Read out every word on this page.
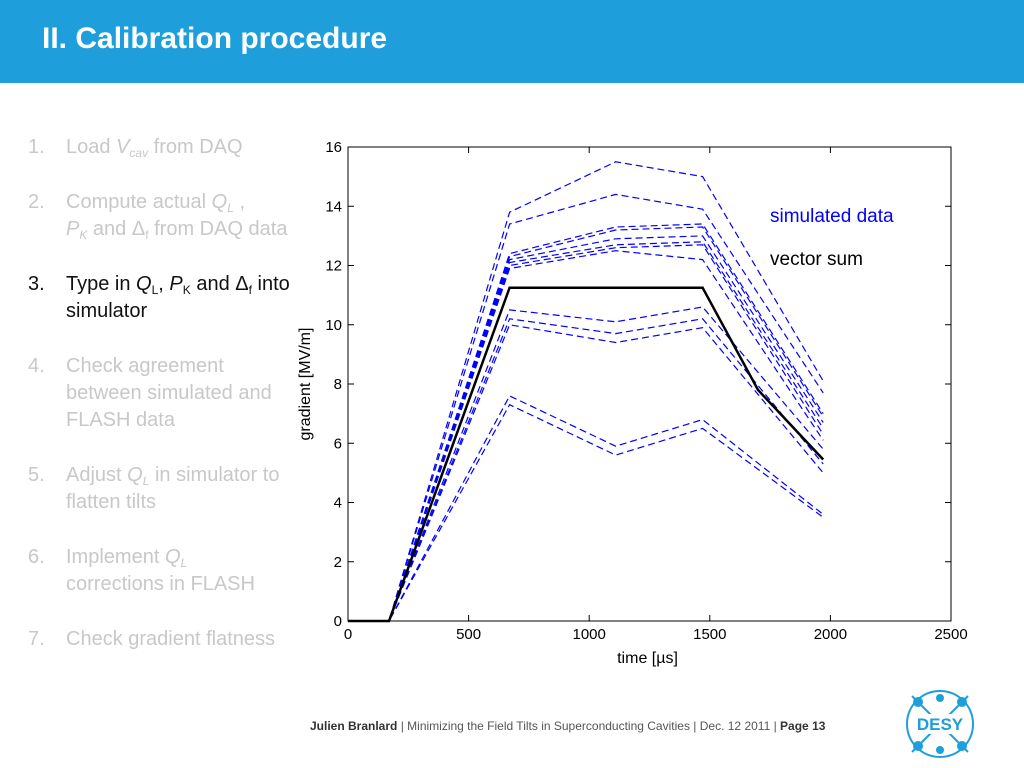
II. Calibration procedure
1.	Load $V_{cav}$ from DAQ
2.	Compute actual $Q_L$ ,
$P_K$ and $\Delta_f$ from DAQ data
3.	Type in $Q_L$, $P_K$ and $\Delta_f$ into simulator
4.	Check agreement between simulated and FLASH data
5.	Adjust $Q_L$ in simulator to flatten tilts
6.	Implement $Q_L$ corrections in FLASH
7.	Check gradient flatness	0	500	1000	1500	2000	2500
0
2
4
6
8
10
12
14
16
time [µs]
gradient [MV/m]
simulated data
vector sum
Julien Branlard | Minimizing the Field Tilts in Superconducting Cavities | Dec. 12 2011 | Page 13	DESY
